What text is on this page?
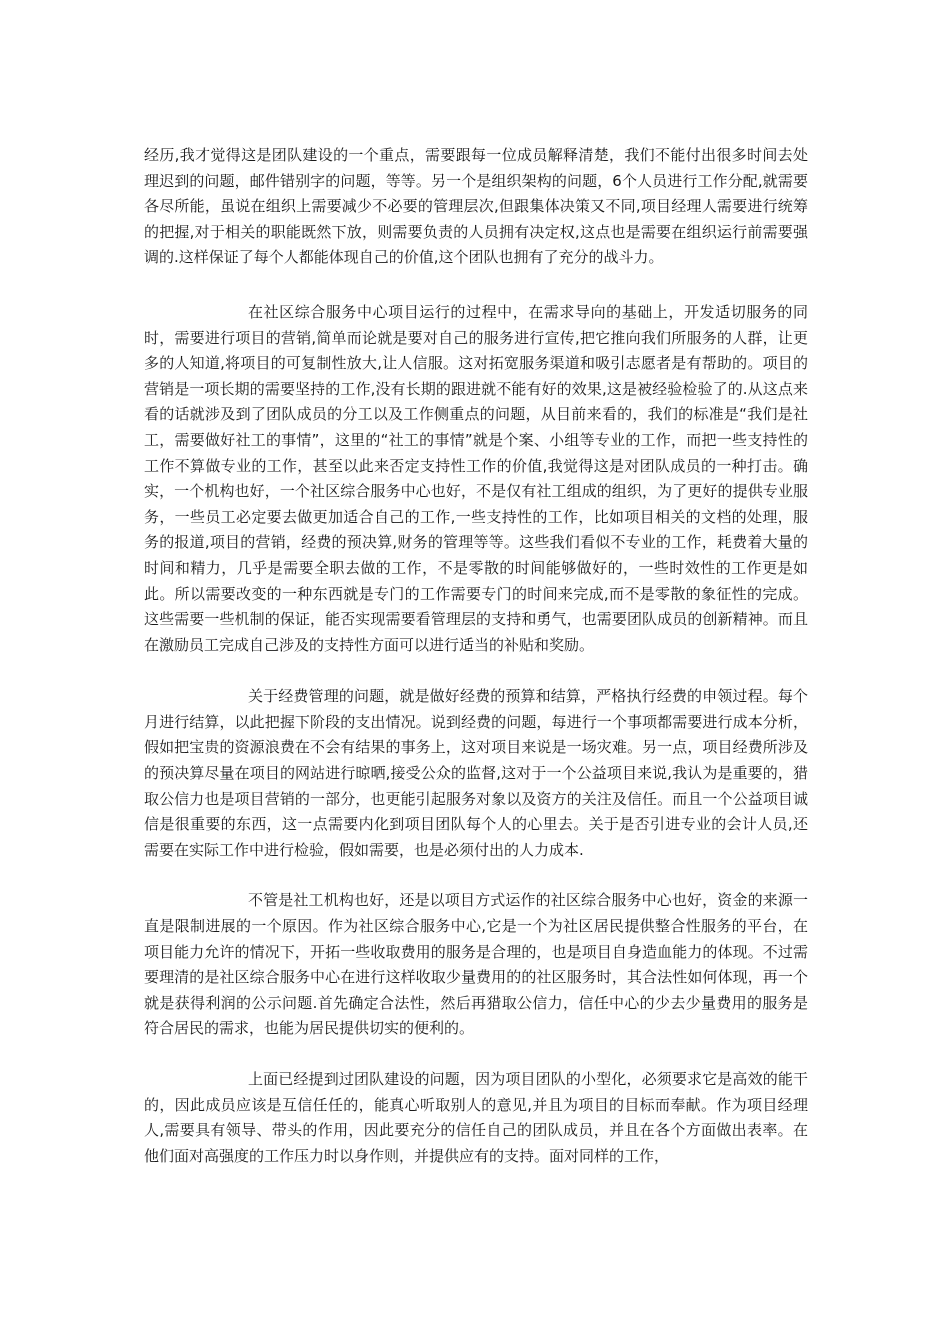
经历,我才觉得这是团队建设的一个重点，需要跟每一位成员解释清楚，我们不能付出很多时间去处理迟到的问题，邮件错别字的问题，等等。另一个是组织架构的问题，6个人员进行工作分配,就需要各尽所能，虽说在组织上需要减少不必要的管理层次,但跟集体决策又不同,项目经理人需要进行统筹的把握,对于相关的职能既然下放，则需要负责的人员拥有决定权,这点也是需要在组织运行前需要强调的.这样保证了每个人都能体现自己的价值,这个团队也拥有了充分的战斗力。

在社区综合服务中心项目运行的过程中，在需求导向的基础上，开发适切服务的同时，需要进行项目的营销,简单而论就是要对自己的服务进行宣传,把它推向我们所服务的人群，让更多的人知道,将项目的可复制性放大,让人信服。这对拓宽服务渠道和吸引志愿者是有帮助的。项目的营销是一项长期的需要坚持的工作,没有长期的跟进就不能有好的效果,这是被经验检验了的.从这点来看的话就涉及到了团队成员的分工以及工作侧重点的问题，从目前来看的，我们的标准是“我们是社工，需要做好社工的事情”，这里的“社工的事情”就是个案、小组等专业的工作，而把一些支持性的工作不算做专业的工作，甚至以此来否定支持性工作的价值,我觉得这是对团队成员的一种打击。确实，一个机构也好，一个社区综合服务中心也好，不是仅有社工组成的组织，为了更好的提供专业服务，一些员工必定要去做更加适合自己的工作,一些支持性的工作，比如项目相关的文档的处理，服务的报道,项目的营销，经费的预决算,财务的管理等等。这些我们看似不专业的工作，耗费着大量的时间和精力，几乎是需要全职去做的工作，不是零散的时间能够做好的，一些时效性的工作更是如此。所以需要改变的一种东西就是专门的工作需要专门的时间来完成,而不是零散的象征性的完成。这些需要一些机制的保证，能否实现需要看管理层的支持和勇气，也需要团队成员的创新精神。而且在激励员工完成自己涉及的支持性方面可以进行适当的补贴和奖励。

关于经费管理的问题，就是做好经费的预算和结算，严格执行经费的申领过程。每个月进行结算，以此把握下阶段的支出情况。说到经费的问题，每进行一个事项都需要进行成本分析，假如把宝贵的资源浪费在不会有结果的事务上，这对项目来说是一场灾难。另一点，项目经费所涉及的预决算尽量在项目的网站进行晾晒,接受公众的监督,这对于一个公益项目来说,我认为是重要的，猎取公信力也是项目营销的一部分，也更能引起服务对象以及资方的关注及信任。而且一个公益项目诚信是很重要的东西，这一点需要内化到项目团队每个人的心里去。关于是否引进专业的会计人员,还需要在实际工作中进行检验，假如需要，也是必须付出的人力成本.

不管是社工机构也好，还是以项目方式运作的社区综合服务中心也好，资金的来源一直是限制进展的一个原因。作为社区综合服务中心,它是一个为社区居民提供整合性服务的平台，在项目能力允许的情况下，开拓一些收取费用的服务是合理的，也是项目自身造血能力的体现。不过需要理清的是社区综合服务中心在进行这样收取少量费用的的社区服务时，其合法性如何体现，再一个就是获得利润的公示问题.首先确定合法性，然后再猎取公信力，信任中心的少去少量费用的服务是符合居民的需求，也能为居民提供切实的便利的。

上面已经提到过团队建设的问题，因为项目团队的小型化，必须要求它是高效的能干的，因此成员应该是互信任任的，能真心听取别人的意见,并且为项目的目标而奉献。作为项目经理人,需要具有领导、带头的作用，因此要充分的信任自己的团队成员，并且在各个方面做出表率。在他们面对高强度的工作压力时以身作则，并提供应有的支持。面对同样的工作，
